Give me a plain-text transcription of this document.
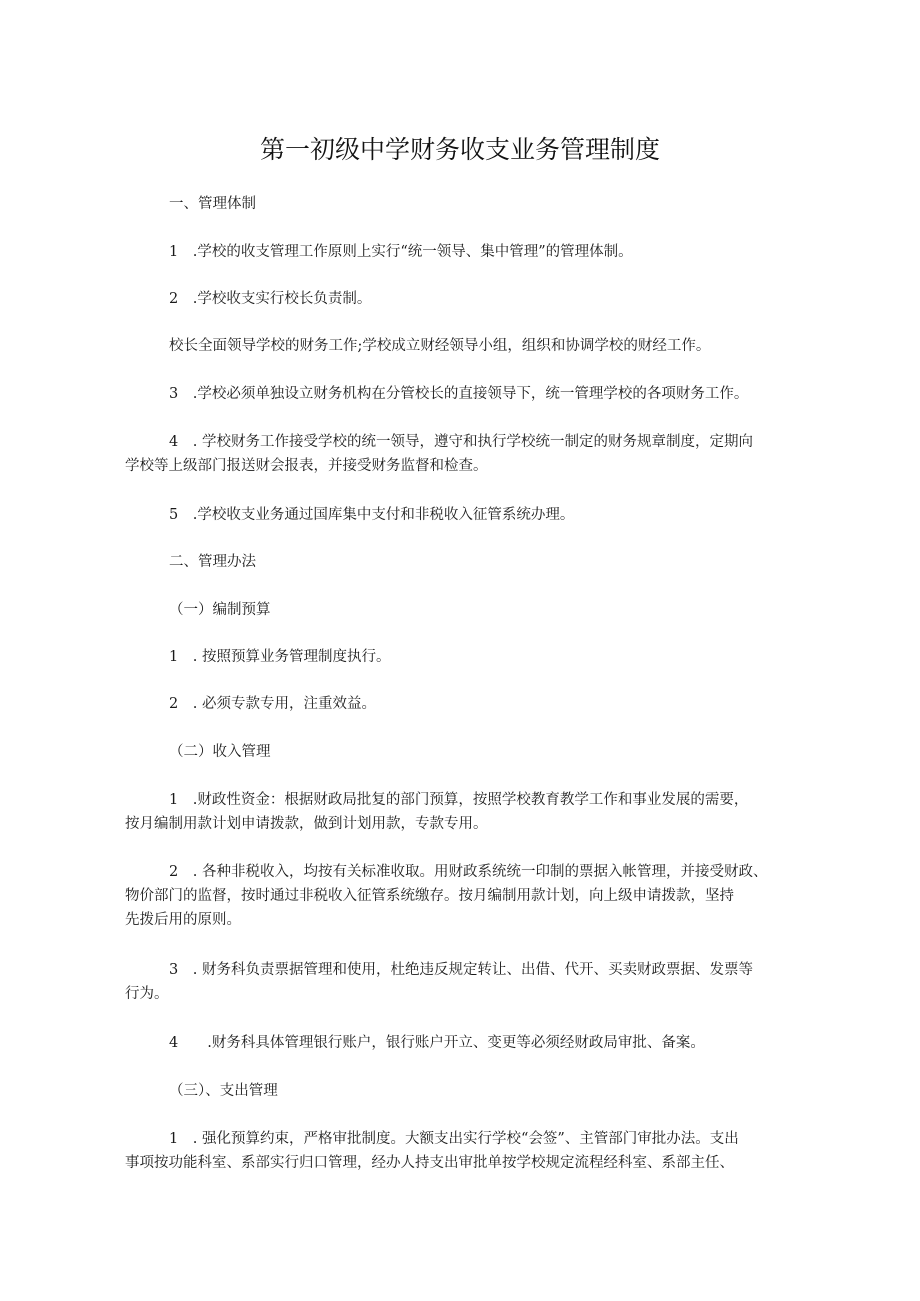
第一初级中学财务收支业务管理制度
一、管理体制
1　.学校的收支管理工作原则上实行“统一领导、集中管理”的管理体制。
2　.学校收支实行校长负责制。
校长全面领导学校的财务工作;学校成立财经领导小组，组织和协调学校的财经工作。
3　.学校必须单独设立财务机构在分管校长的直接领导下，统一管理学校的各项财务工作。
4　. 学校财务工作接受学校的统一领导，遵守和执行学校统一制定的财务规章制度，定期向
学校等上级部门报送财会报表，并接受财务监督和检查。
5　.学校收支业务通过国库集中支付和非税收入征管系统办理。
二、管理办法
（一）编制预算
1　. 按照预算业务管理制度执行。
2　. 必须专款专用，注重效益。
（二）收入管理
1　.财政性资金：根据财政局批复的部门预算，按照学校教育教学工作和事业发展的需要，
按月编制用款计划申请拨款，做到计划用款，专款专用。
2　. 各种非税收入，均按有关标准收取。用财政系统统一印制的票据入帐管理，并接受财政、
物价部门的监督，按时通过非税收入征管系统缴存。按月编制用款计划，向上级申请拨款，坚持
先拨后用的原则。
3　. 财务科负责票据管理和使用，杜绝违反规定转让、出借、代开、买卖财政票据、发票等
行为。
4　　.财务科具体管理银行账户，银行账户开立、变更等必须经财政局审批、备案。
（三）、支出管理
1　. 强化预算约束，严格审批制度。大额支出实行学校“会签”、主管部门审批办法。支出
事项按功能科室、系部实行归口管理，经办人持支出审批单按学校规定流程经科室、系部主任、
